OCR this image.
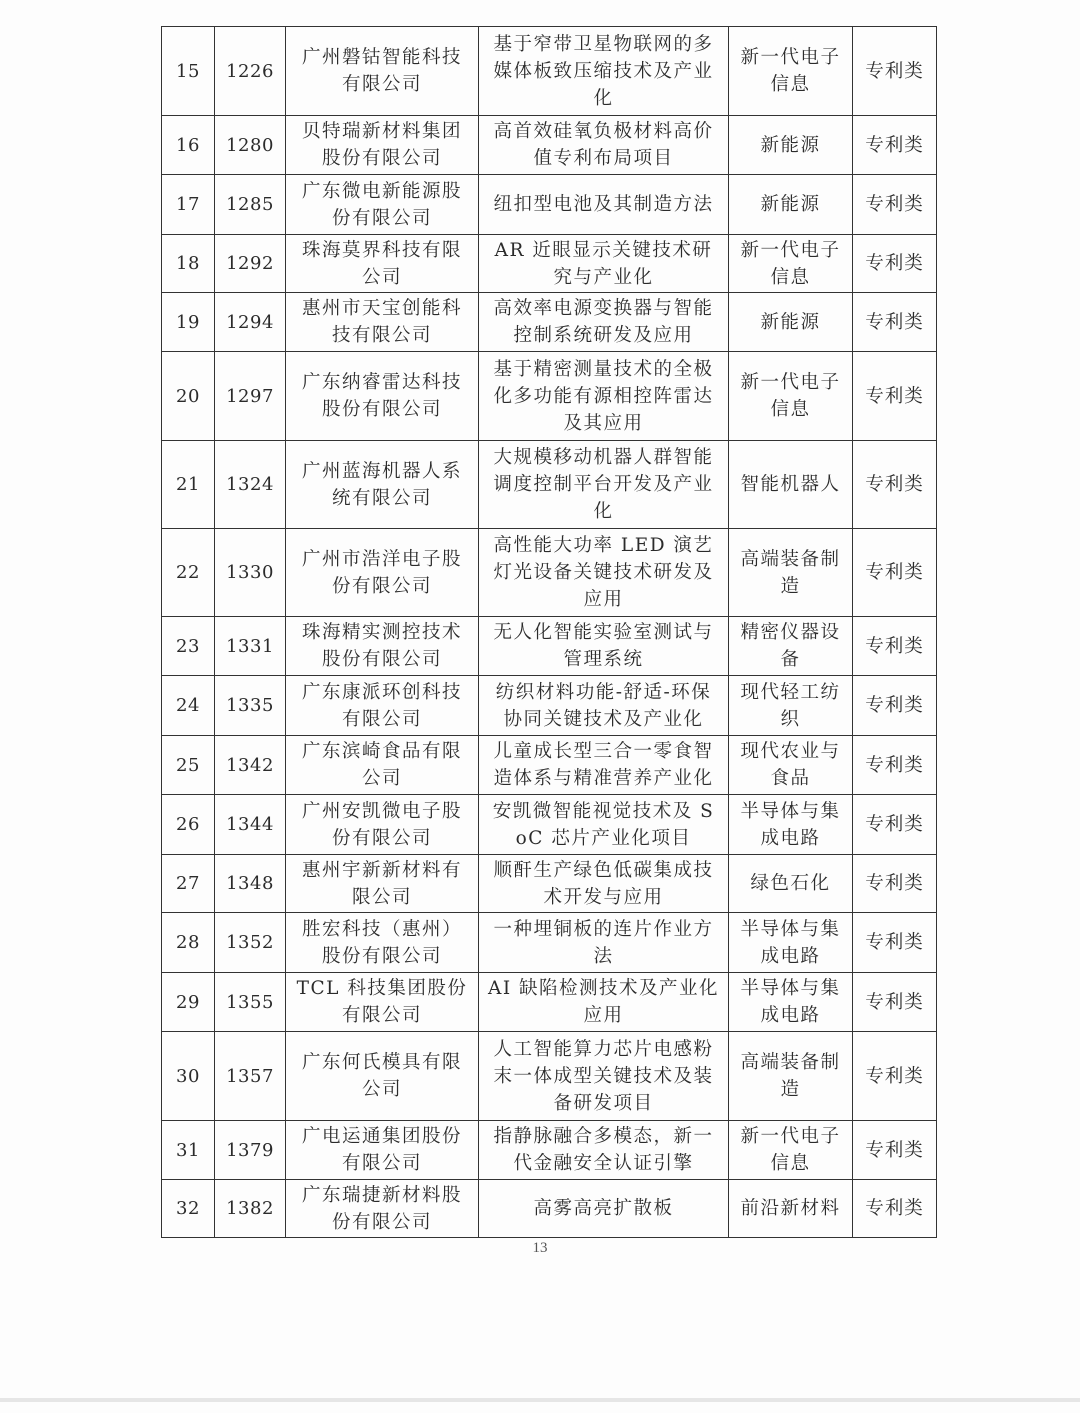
15	1226	广州磐钴智能科技有限公司	基于窄带卫星物联网的多媒体板致压缩技术及产业化	新一代电子信息	专利类
16	1280	贝特瑞新材料集团股份有限公司	高首效硅氧负极材料高价值专利布局项目	新能源	专利类
17	1285	广东微电新能源股份有限公司	纽扣型电池及其制造方法	新能源	专利类
18	1292	珠海莫界科技有限公司	AR 近眼显示关键技术研究与产业化	新一代电子信息	专利类
19	1294	惠州市天宝创能科技有限公司	高效率电源变换器与智能控制系统研发及应用	新能源	专利类
20	1297	广东纳睿雷达科技股份有限公司	基于精密测量技术的全极化多功能有源相控阵雷达及其应用	新一代电子信息	专利类
21	1324	广州蓝海机器人系统有限公司	大规模移动机器人群智能调度控制平台开发及产业化	智能机器人	专利类
22	1330	广州市浩洋电子股份有限公司	高性能大功率 LED 演艺灯光设备关键技术研发及应用	高端装备制造	专利类
23	1331	珠海精实测控技术股份有限公司	无人化智能实验室测试与管理系统	精密仪器设备	专利类
24	1335	广东康派环创科技有限公司	纺织材料功能-舒适-环保协同关键技术及产业化	现代轻工纺织	专利类
25	1342	广东滨崎食品有限公司	儿童成长型三合一零食智造体系与精准营养产业化	现代农业与食品	专利类
26	1344	广州安凯微电子股份有限公司	安凯微智能视觉技术及 SoC 芯片产业化项目	半导体与集成电路	专利类
27	1348	惠州宇新新材料有限公司	顺酐生产绿色低碳集成技术开发与应用	绿色石化	专利类
28	1352	胜宏科技（惠州）股份有限公司	一种埋铜板的连片作业方法	半导体与集成电路	专利类
29	1355	TCL 科技集团股份有限公司	AI 缺陷检测技术及产业化应用	半导体与集成电路	专利类
30	1357	广东何氏模具有限公司	人工智能算力芯片电感粉末一体成型关键技术及装备研发项目	高端装备制造	专利类
31	1379	广电运通集团股份有限公司	指静脉融合多模态，新一代金融安全认证引擎	新一代电子信息	专利类
32	1382	广东瑞捷新材料股份有限公司	高雾高亮扩散板	前沿新材料	专利类
13
